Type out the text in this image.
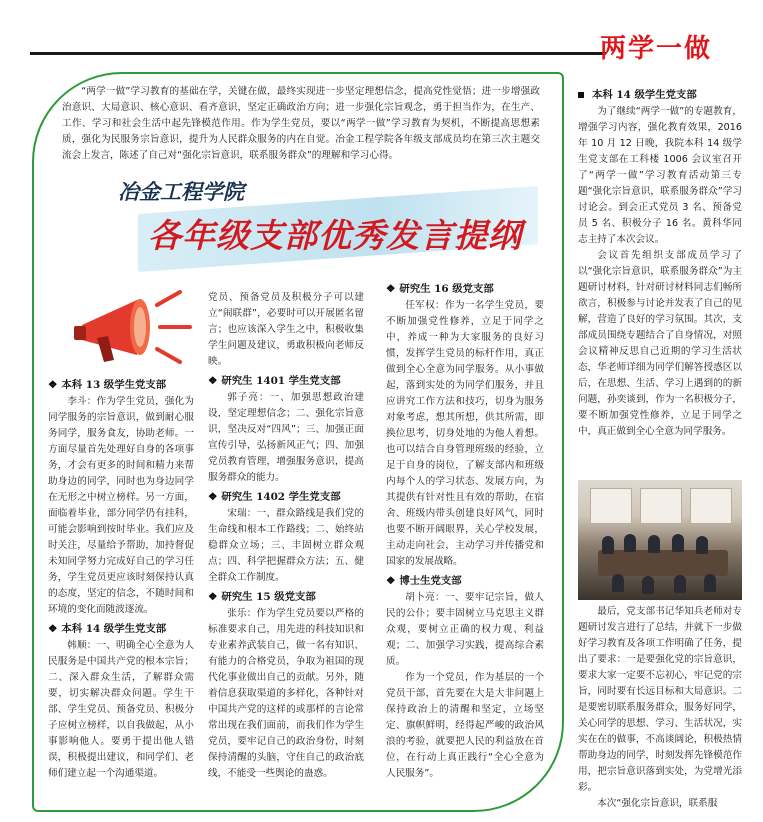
两学一做

“两学一做”学习教育的基础在学，关键在做，最终实现进一步坚定理想信念，提高党性觉悟；进一步增强政治意识、大局意识、核心意识、看齐意识，坚定正确政治方向；进一步强化宗旨观念，勇于担当作为，在生产、工作、学习和社会生活中起先锋模范作用。作为学生党员，要以“两学一做”学习教育为契机，不断提高思想素质，强化为民服务宗旨意识，提升为人民群众服务的内在自觉。冶金工程学院各年级支部成员均在第三次主题交流会上发言，陈述了自己对“强化宗旨意识，联系服务群众”的理解和学习心得。

冶金工程学院
各年级支部优秀发言提纲
❖ 本科 13 级学生党支部

李斗：作为学生党员，强化为同学服务的宗旨意识，做到耐心服务同学，服务食友，协助老师。一方面尽量首先处理好自身的各项事务，才会有更多的时间和精力来帮助身边的同学，同时也为身边同学在无形之中树立榜样。另一方面，面临着毕业，部分同学仍有挂科，可能会影响到按时毕业。我们应及时关注，尽量给予帮助，加持督促未知同学努力完成好自己的学习任务，学生党员更应该时刻保持认真的态度，坚定的信念，不随时间和环境的变化而随波逐流。

❖ 本科 14 级学生党支部

韩顺：一、明确全心全意为人民服务是中国共产党的根本宗旨；二、深入群众生活，了解群众需要，切实解决群众问题。学生干部、学生党员、预备党员、积极分子应树立榜样，以自我做起，从小事影响他人。要勇于提出他人错误，积极提出建议，和同学们、老师们建立起一个沟通渠道。

党员、预备党员及积极分子可以建立“闹联群”，必要时可以开展匿名留言；也应该深入学生之中，积极收集学生问题及建议，勇敢积极向老师反映。

❖ 研究生 1401 学生党支部

郭子亮：一、加强思想政治建设，坚定理想信念；二、强化宗旨意识，坚决反对“四风”；三、加强正面宣传引导，弘扬新风正气；四、加强党员教育管理，增强服务意识，提高服务群众的能力。

❖ 研究生 1402 学生党支部

宋瑞：一、群众路线是我们党的生命线和根本工作路线；二、始终站稳群众立场；三、丰固树立群众观点；四、科学把握群众方法；五、健全群众工作制度。

❖ 研究生 15 级党支部

张乐：作为学生党员要以严格的标准要求自己，用先进的科技知识和专业素养武装自己，做一名有知识、有能力的合格党员，争取为祖国的现代化事业做出自己的贡献。另外，随着信息获取渠道的多样化，各种针对中国共产党的这样的或那样的言论常常出现在我们面前，而我们作为学生党员，要牢记自己的政治身份，时刻保持清醒的头脑，守住自己的政治底线，不能受一些舆论的蛊惑。

❖ 研究生 16 级党支部

任军权：作为一名学生党员，要不断加强党性修养，立足于同学之中，养成一种为大家服务的良好习惯，发挥学生党员的标杆作用，真正做到全心全意为同学服务。从小事做起，落到实处的为同学们服务，并且应讲究工作方法和技巧，切身为服务对象考虑，想其所想，供其所需，即换位思考，切身处地的为他人着想。也可以结合自身管理班级的经验，立足于自身的岗位，了解支部内和班级内每个人的学习状态、发展方向，为其提供有针对性且有效的帮助，在宿舍、班级内带头创建良好风气，同时也要不断开阔眼界，关心学校发展，主动走向社会，主动学习并传播党和国家的发展战略。

❖ 博士生党支部

胡卜亮：一、要牢记宗旨，做人民的公仆；要丰固树立马克思主义群众观，要树立正确的权力观、利益观；二、加强学习实践，提高综合素质。

作为一个党员，作为基层的一个党员干部，首先要在大是大非问题上保持政治上的清醒和坚定，立场坚定、旗帜鲜明，经得起严峻的政治风浪的考验，就要把人民的利益放在首位，在行动上真正践行“全心全意为人民服务”。

本科 14 级学生党支部

为了继续“两学一做”的专题教育，增强学习内容，强化教育效果，2016 年 10 月 12 日晚，我院本科 14 级学生党支部在工科楼 1006 会议室召开了“两学一做”学习教育活动第三专题“强化宗旨意识，联系服务群众”学习讨论会。到会正式党员 3 名、预备党员 5 名、积极分子 16 名。黄科华同志主持了本次会议。

会议首先组织支部成员学习了以“强化宗旨意识，联系服务群众”为主题研讨材料，针对研讨材料同志们畅所欲言，积极参与讨论并发表了自己的见解，营造了良好的学习氛围。其次，支部成员围绕专题结合了自身情况，对照会议精神反思自己近期的学习生活状态，华老师详细为同学们解答授惑区以后，在思想、生活、学习上遇到的的新问题，孙奕谈到，作为一名积极分子，要不断加强党性修养，立足于同学之中，真正做到全心全意为同学服务。

最后，党支部书记华知兵老师对专题研讨发言进行了总结，并就下一步做好学习教育及各项工作明确了任务，提出了要求：一是要强化党的宗旨意识，要求大家一定要不忘初心，牢记党的宗旨，同时要有长远目标和大局意识。二是要密切联系服务群众，服务好同学，关心同学的思想、学习、生活状况，实实在在的做事，不高谈阔论，积极热情帮助身边的同学，时刻发挥先锋模范作用，把宗旨意识落到实处，为党增光添彩。

本次“强化宗旨意识，联系服
